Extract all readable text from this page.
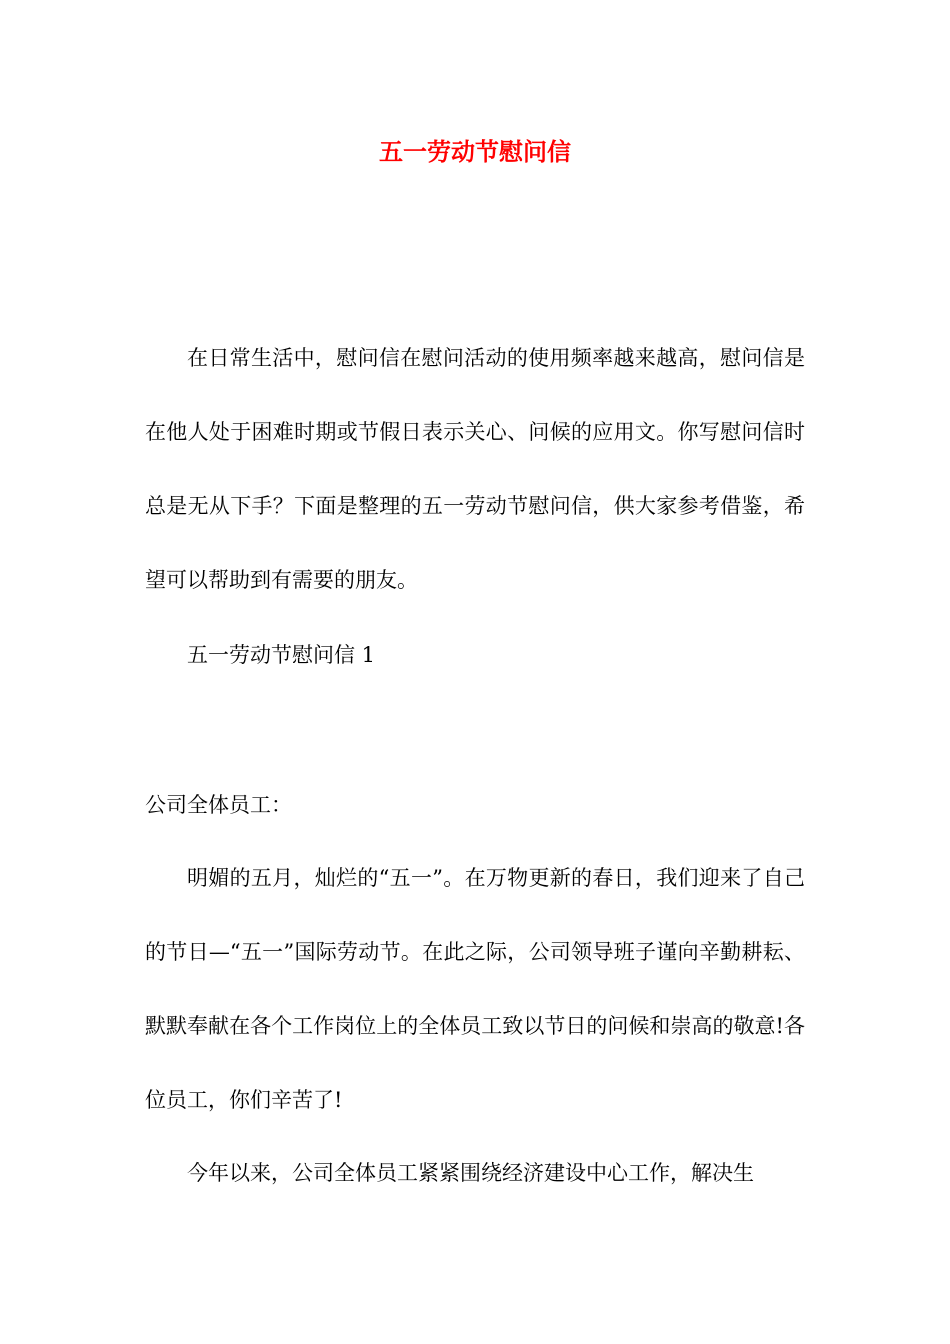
五一劳动节慰问信

在日常生活中，慰问信在慰问活动的使用频率越来越高，慰问信是在他人处于困难时期或节假日表示关心、问候的应用文。你写慰问信时总是无从下手？下面是整理的五一劳动节慰问信，供大家参考借鉴，希望可以帮助到有需要的朋友。

五一劳动节慰问信 1

公司全体员工：

明媚的五月，灿烂的“五一”。在万物更新的春日，我们迎来了自己的节日—“五一”国际劳动节。在此之际，公司领导班子谨向辛勤耕耘、默默奉献在各个工作岗位上的全体员工致以节日的问候和崇高的敬意!各位员工，你们辛苦了!

今年以来，公司全体员工紧紧围绕经济建设中心工作，解决生
